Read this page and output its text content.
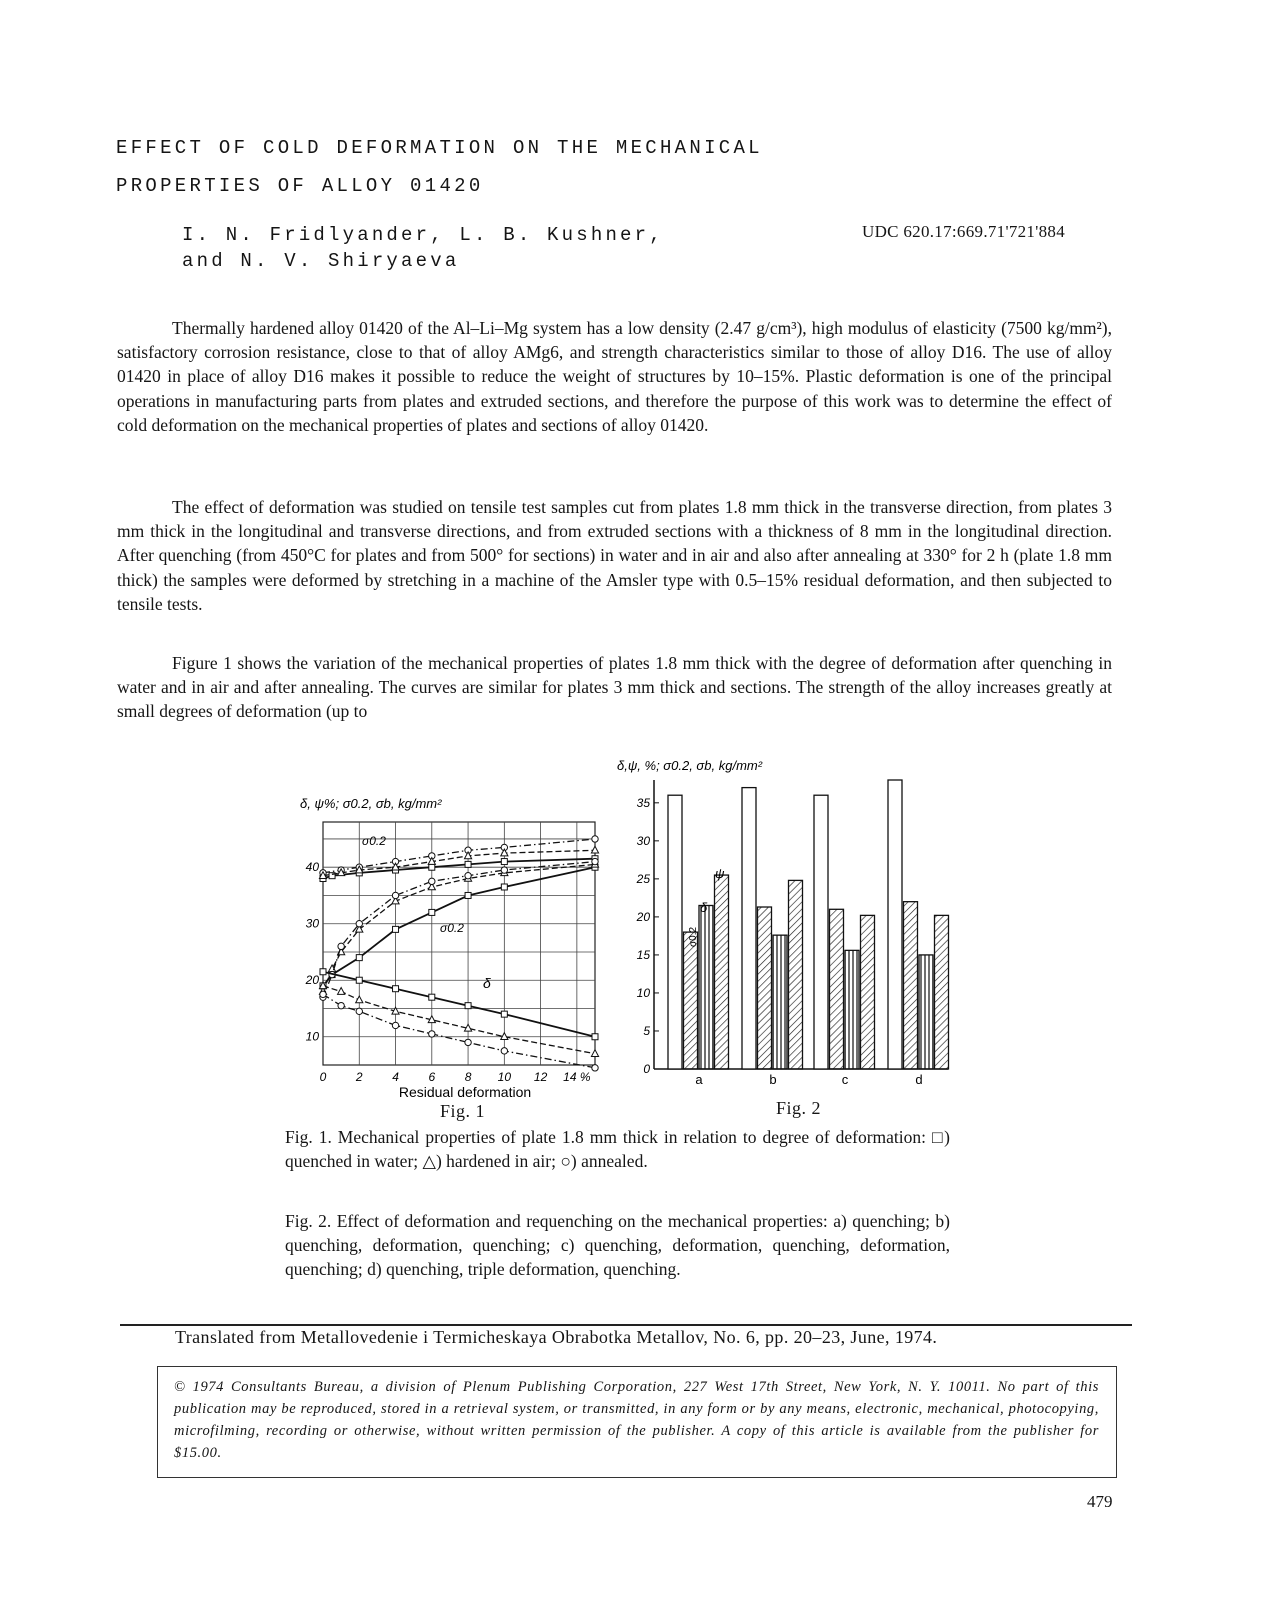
EFFECT OF COLD DEFORMATION ON THE MECHANICAL
PROPERTIES OF ALLOY 01420
I. N. Fridlyander, L. B. Kushner,
and N. V. Shiryaeva
UDC 620.17:669.71'721'884

Thermally hardened alloy 01420 of the Al–Li–Mg system has a low density (2.47 g/cm³), high modulus of elasticity (7500 kg/mm²), satisfactory corrosion resistance, close to that of alloy AMg6, and strength characteristics similar to those of alloy D16. The use of alloy 01420 in place of alloy D16 makes it possible to reduce the weight of structures by 10–15%. Plastic deformation is one of the principal operations in manufacturing parts from plates and extruded sections, and therefore the purpose of this work was to determine the effect of cold deformation on the mechanical properties of plates and sections of alloy 01420.

The effect of deformation was studied on tensile test samples cut from plates 1.8 mm thick in the transverse direction, from plates 3 mm thick in the longitudinal and transverse directions, and from extruded sections with a thickness of 8 mm in the longitudinal direction. After quenching (from 450°C for plates and from 500° for sections) in water and in air and also after annealing at 330° for 2 h (plate 1.8 mm thick) the samples were deformed by stretching in a machine of the Amsler type with 0.5–15% residual deformation, and then subjected to tensile tests.

Figure 1 shows the variation of the mechanical properties of plates 1.8 mm thick with the degree of deformation after quenching in water and in air and after annealing. The curves are similar for plates 3 mm thick and sections. The strength of the alloy increases greatly at small degrees of deformation (up to

δ, ψ%; σ0.2, σb, kg/mm²
0 2 4 6 8 10 12 14 %
10
20
30
40
σ0.2
σ0.2
δ
Residual deformation
Fig. 1
δ,ψ, %; σ0.2, σb, kg/mm²
0
5
10
15
20
25
30
35
a	b	c	d
σ0.2
δ
ψ
Fig. 2

Fig. 1. Mechanical properties of plate 1.8 mm thick in relation to degree of deformation: □) quenched in water; △) hardened in air; ○) annealed.

Fig. 2. Effect of deformation and requenching on the mechanical properties: a) quenching; b) quenching, deformation, quenching; c) quenching, deformation, quenching, deformation, quenching; d) quenching, triple deformation, quenching.

Translated from Metallovedenie i Termicheskaya Obrabotka Metallov, No. 6, pp. 20–23, June, 1974.

© 1974 Consultants Bureau, a division of Plenum Publishing Corporation, 227 West 17th Street, New York, N. Y. 10011. No part of this publication may be reproduced, stored in a retrieval system, or transmitted, in any form or by any means, electronic, mechanical, photocopying, microfilming, recording or otherwise, without written permission of the publisher. A copy of this article is available from the publisher for $15.00.

479
